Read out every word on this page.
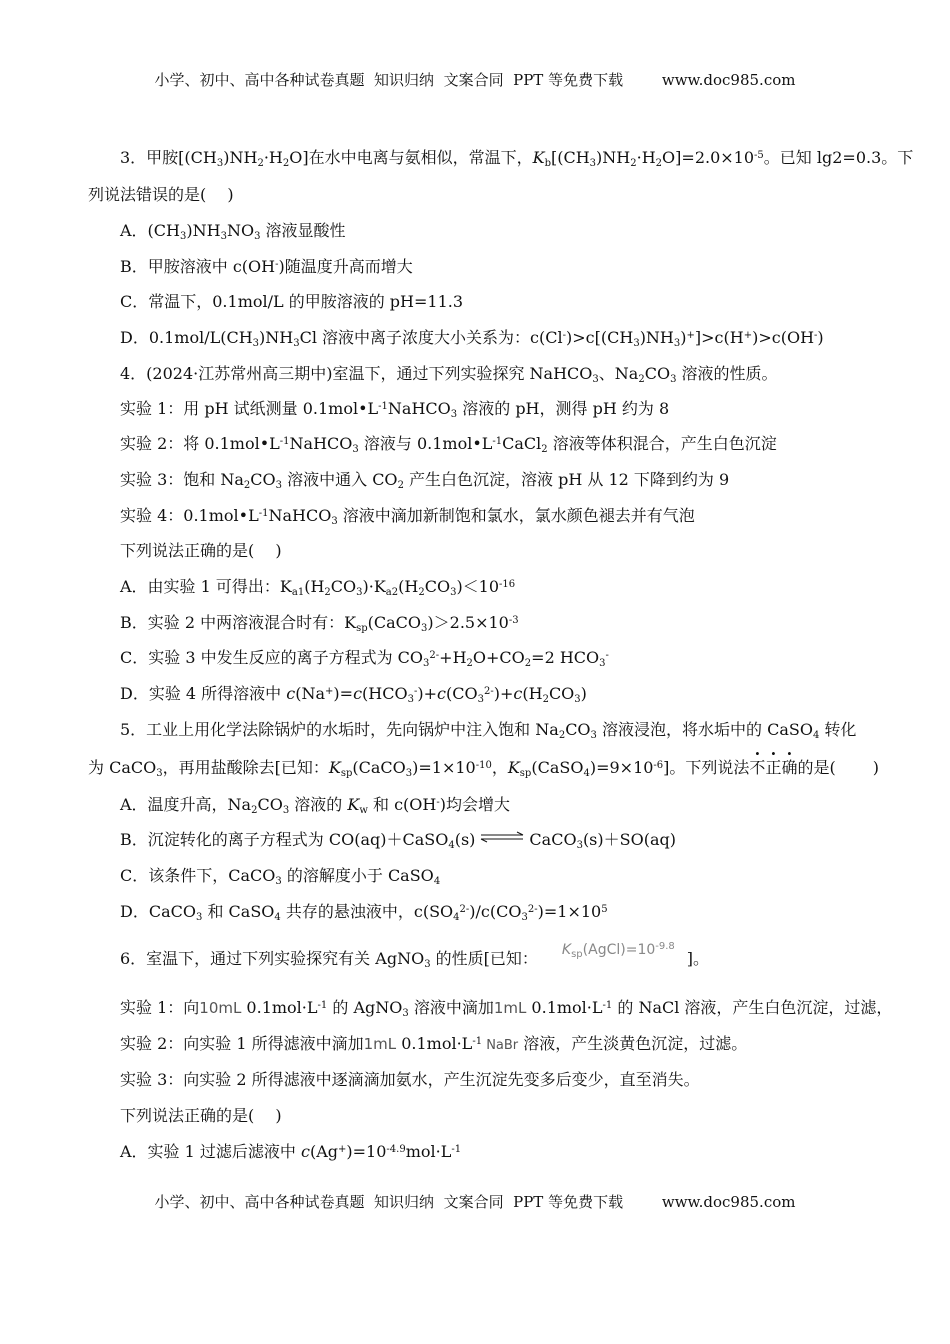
小学、初中、高中各种试卷真题  知识归纳  文案合同  PPT 等免费下载	www.doc985.com
3．甲胺$[(CH_3)NH_2\cdot H_2O]$在水中电离与氨相似，常温下，$K_b[(CH_3)NH_2\cdot H_2O]=2.0\times 10^{-5}$。已知 lg2=0.3。下
列说法错误的是(　 )
A．$(CH_3)NH_3NO_3$ 溶液显酸性
B．甲胺溶液中 c(OH-)随温度升高而增大
C．常温下，0.1mol/L 的甲胺溶液的 pH=11.3
D．$0.1mol/L(CH_3)NH_3Cl$ 溶液中离子浓度大小关系为：$c(Cl^-)>c[(CH_3)NH_3)^+]>c(H^+)>c(OH^-)$
4．(2024·江苏常州高三期中)室温下，通过下列实验探究 NaHCO$_3$、$Na_2CO_3$ 溶液的性质。
实验 1：用 pH 试纸测量 $0.1mol•L^{-1}NaHCO_3$ 溶液的 pH，测得 pH 约为 8
实验 2：将 $0.1mol•L^{-1}NaHCO_3$ 溶液与 $0.1mol•L^{-1}CaCl_2$ 溶液等体积混合，产生白色沉淀
实验 3：饱和 $Na_2CO_3$ 溶液中通入 $CO_2$ 产生白色沉淀，溶液 pH 从 12 下降到约为 9
实验 4：$0.1mol•L^{-1}NaHCO_3$ 溶液中滴加新制饱和氯水，氯水颜色褪去并有气泡
下列说法正确的是(　 )
A．由实验 1 可得出：$K_{a1}(H_2CO_3)\cdot K_{a2}(H_2CO_3)<10^{-16}$
B．实验 2 中两溶液混合时有：$K_{sp}(CaCO_3)>2.5\times 10^{-3}$
C．实验 3 中发生反应的离子方程式为 $CO_3^{2-}+H_2O+CO_2=2$ $HCO_3^-$
D．实验 4 所得溶液中 $c(Na^+)=c(HCO_3^-)+c(CO_3^{2-})+c(H_2CO_3)$
5．工业上用化学法除锅炉的水垢时，先向锅炉中注入饱和 $Na_2CO_3$ 溶液浸泡，将水垢中的 CaSO$_4$ 转化
为 CaCO$_3$，再用盐酸除去[已知：$K_{sp}(CaCO_3)=1\times 10^{-10}$，$K_{sp}(CaSO_4)=9\times 10^{-6}$]。下列说法不正确的是(　　 )
A．温度升高，$Na_2CO_3$ 溶液的 $K_w$ 和 c(OH-)均会增大
B．沉淀转化的离子方程式为 CO(aq)＋CaSO$_4$(s) ⇌ CaCO$_3$(s)＋SO(aq)
C．该条件下，CaCO$_3$ 的溶解度小于 CaSO$_4$
D．CaCO$_3$ 和 CaSO$_4$ 共存的悬浊液中，$c(SO_4^{2-})/c(CO_3^{2-})=1\times 10^5$
6．室温下，通过下列实验探究有关 AgNO$_3$ 的性质[已知： $K_{sp}(AgCl)=10^{-9.8}$]。
实验 1：向10mL $0.1mol\cdot L^{-1}$ 的 AgNO$_3$ 溶液中滴加1mL $0.1mol\cdot L^{-1}$ 的 NaCl 溶液，产生白色沉淀，过滤，
实验 2：向实验 1 所得滤液中滴加1mL $0.1mol\cdot L^{-1}$ NaBr 溶液，产生淡黄色沉淀，过滤。
实验 3：向实验 2 所得滤液中逐滴滴加氨水，产生沉淀先变多后变少，直至消失。
下列说法正确的是(　 )
A．实验 1 过滤后滤液中 $c(Ag^+)=10^{-4.9}mol\cdot L^{-1}$
小学、初中、高中各种试卷真题  知识归纳  文案合同  PPT 等免费下载	www.doc985.com
